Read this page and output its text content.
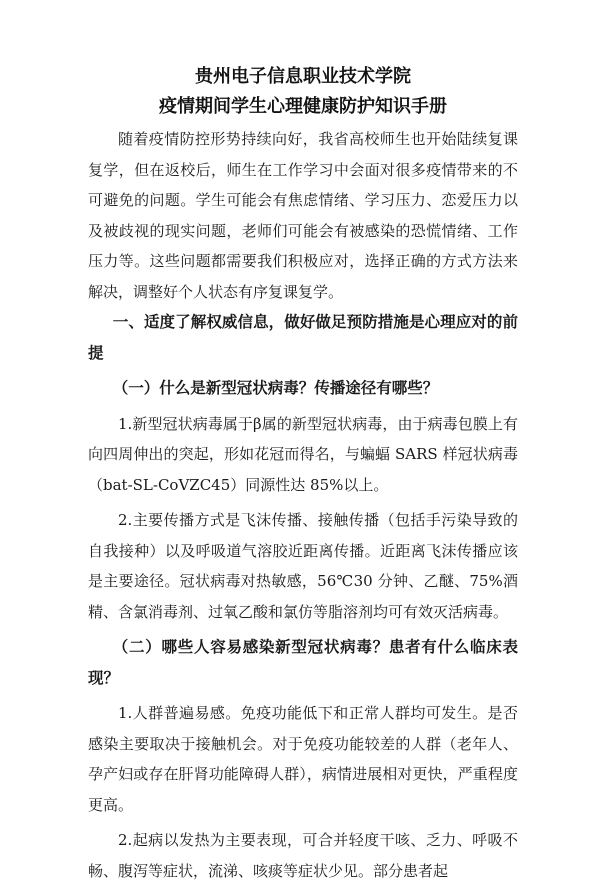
贵州电子信息职业技术学院
疫情期间学生心理健康防护知识手册

随着疫情防控形势持续向好，我省高校师生也开始陆续复课复学，但在返校后，师生在工作学习中会面对很多疫情带来的不可避免的问题。学生可能会有焦虑情绪、学习压力、恋爱压力以及被歧视的现实问题，老师们可能会有被感染的恐慌情绪、工作压力等。这些问题都需要我们积极应对，选择正确的方式方法来解决，调整好个人状态有序复课复学。

一、适度了解权威信息，做好做足预防措施是心理应对的前提
（一）什么是新型冠状病毒？传播途径有哪些？

1.新型冠状病毒属于β属的新型冠状病毒，由于病毒包膜上有向四周伸出的突起，形如花冠而得名，与蝙蝠 SARS 样冠状病毒（bat-SL-CoVZC45）同源性达 85%以上。

2.主要传播方式是飞沫传播、接触传播（包括手污染导致的自我接种）以及呼吸道气溶胶近距离传播。近距离飞沫传播应该是主要途径。冠状病毒对热敏感，56℃30 分钟、乙醚、75%酒精、含氯消毒剂、过氧乙酸和氯仿等脂溶剂均可有效灭活病毒。

（二）哪些人容易感染新型冠状病毒？患者有什么临床表现？

1.人群普遍易感。免疫功能低下和正常人群均可发生。是否感染主要取决于接触机会。对于免疫功能较差的人群（老年人、孕产妇或存在肝肾功能障碍人群），病情进展相对更快，严重程度更高。

2.起病以发热为主要表现，可合并轻度干咳、乏力、呼吸不畅、腹泻等症状，流涕、咳痰等症状少见。部分患者起
